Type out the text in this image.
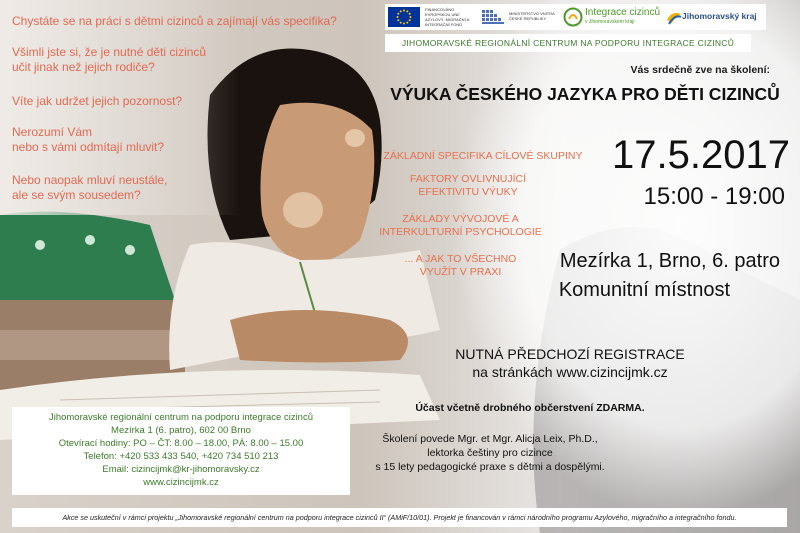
Chystáte se na práci s dětmi cizinců a zajímají vás specifika?
Všimli jste si, že je nutné děti cizinců
učit jinak než jejich rodiče?
Víte jak udržet jejich pozornost?
Nerozumí Vám
nebo s vámi odmítají mluvit?
Nebo naopak mluví neustále,
ale se svým sousedem?
FINANCOVÁNO EVROPSKOU UNIÍ AZYLOVÝ, MIGRAČNÍ A INTEGRAČNÍ FOND
MINISTERSTVO VNITRA ČESKÉ REPUBLIKY
Integrace cizinců
v Jihomoravském kraji
Jihomoravský kraj
JIHOMORAVSKÉ REGIONÁLNÍ CENTRUM NA PODPORU INTEGRACE CIZINCŮ
Vás srdečně zve na školení:
VÝUKA ČESKÉHO JAZYKA PRO DĚTI CIZINCŮ
ZÁKLADNÍ SPECIFIKA CÍLOVÉ SKUPINY
FAKTORY OVLIVNUJÍCÍ
EFEKTIVITU VÝUKY
ZÁKLADY VÝVOJOVÉ A
INTERKULTURNÍ PSYCHOLOGIE
... A JAK TO VŠECHNO
VYUŽÍT V PRAXI
17.5.2017
15:00 - 19:00
Mezírka 1, Brno, 6. patro
Komunitní místnost
NUTNÁ PŘEDCHOZÍ REGISTRACE
na stránkách www.cizincijmk.cz
Účast včetně drobného občerstvení ZDARMA.
Školení povede Mgr. et Mgr. Alicja Leix, Ph.D.,
lektorka češtiny pro cizince
s 15 lety pedagogické praxe s dětmi a dospělými.
Jihomoravské regionální centrum na podporu integrace cizinců
Mezírka 1 (6. patro), 602 00 Brno
Otevírací hodiny: PO – ČT: 8.00 – 18.00, PÁ: 8.00 – 15.00
Telefon: +420 533 433 540, +420 734 510 213
Email: cizincijmk@kr-jihomoravsky.cz
www.cizincijmk.cz
Akce se uskuteční v rámci projektu „Jihomoravské regionální centrum na podporu integrace cizinců II“ (AMiF/10/01). Projekt je financován v rámci národního programu Azylového, migračního a integračního fondu.
